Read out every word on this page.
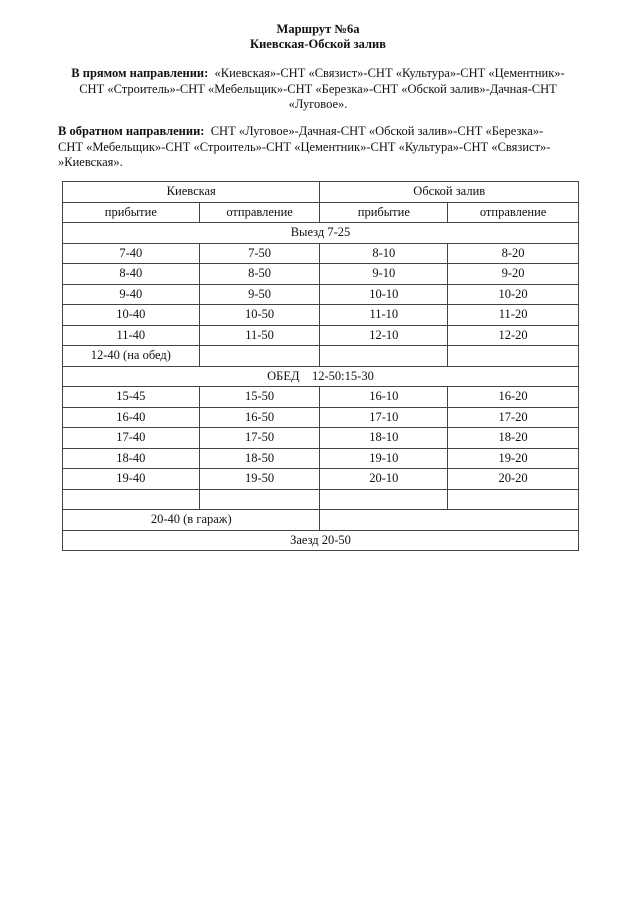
Маршрут №6а
Киевская-Обской залив
В прямом направлении: «Киевская»-СНТ «Связист»-СНТ «Культура»-СНТ «Цементник»-
СНТ «Строитель»-СНТ «Мебельщик»-СНТ «Березка»-СНТ «Обской залив»-Дачная-СНТ
«Луговое».
В обратном направлении: СНТ «Луговое»-Дачная-СНТ «Обской залив»-СНТ «Березка»-
СНТ «Мебельщик»-СНТ «Строитель»-СНТ «Цементник»-СНТ «Культура»-СНТ «Связист»-
»Киевская».
Киевская		Обской залив	
прибытие	отправление	прибытие	отправление
Выезд 7-25			
7-40	7-50	8-10	8-20
8-40	8-50	9-10	9-20
9-40	9-50	10-10	10-20
10-40	10-50	11-10	11-20
11-40	11-50	12-10	12-20
12-40 (на обед)			
ОБЕД    12-50:15-30			
15-45	15-50	16-10	16-20
16-40	16-50	17-10	17-20
17-40	17-50	18-10	18-20
18-40	18-50	19-10	19-20
19-40	19-50	20-10	20-20

20-40 (в гараж)			
Заезд 20-50			
